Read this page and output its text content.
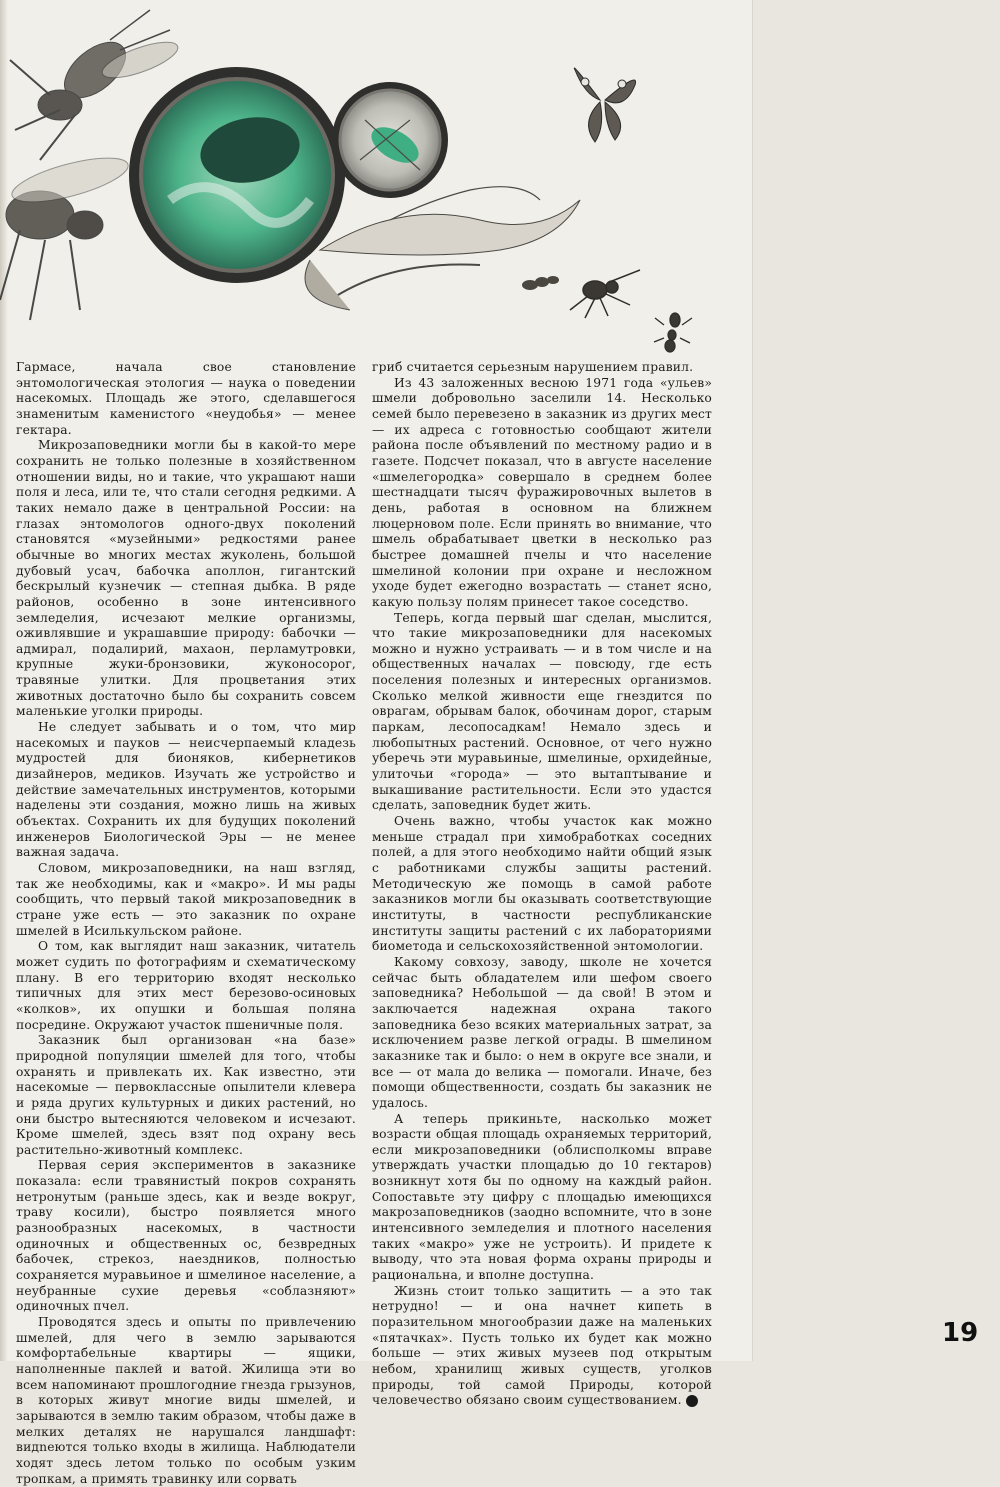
Гармасе, начала свое становление энтомологическая этология — наука о поведении насекомых. Площадь же этого, сделавшегося знаменитым каменистого «неудобья» — менее гектара.

Микрозаповедники могли бы в какой-то мере сохранить не только полезные в хозяйственном отношении виды, но и такие, что украшают наши поля и леса, или те, что стали сегодня редкими. А таких немало даже в центральной России: на глазах энтомологов одного-двух поколений становятся «музейными» редкостями ранее обычные во многих местах жуколень, большой дубовый усач, бабочка аполлон, гигантский бескрылый кузнечик — степная дыбка. В ряде районов, особенно в зоне интенсивного земледелия, исчезают мелкие организмы, оживлявшие и украшавшие природу: бабочки — адмирал, подалирий, махаон, перламутровки, крупные жуки-бронзовики, жуконосорог, травяные улитки. Для процветания этих животных достаточно было бы сохранить совсем маленькие уголки природы.

Не следует забывать и о том, что мир насекомых и пауков — неисчерпаемый кладезь мудростей для бионяков, кибернетиков дизайнеров, медиков. Изучать же устройство и действие замечательных инструментов, которыми наделены эти создания, можно лишь на живых объектах. Сохранить их для будущих поколений инженеров Биологической Эры — не менее важная задача.

Словом, микрозаповедники, на наш взгляд, так же необходимы, как и «макро». И мы рады сообщить, что первый такой микрозаповедник в стране уже есть — это заказник по охране шмелей в Исилькульском районе.

О том, как выглядит наш заказник, читатель может судить по фотографиям и схематическому плану. В его территорию входят несколько типичных для этих мест березово-осиновых «колков», их опушки и большая поляна посредине. Окружают участок пшеничные поля.

Заказник был организован «на базе» природной популяции шмелей для того, чтобы охранять и привлекать их. Как известно, эти насекомые — первоклассные опылители клевера и ряда других культурных и диких растений, но они быстро вытесняются человеком и исчезают. Кроме шмелей, здесь взят под охрану весь растительно-животный комплекс.

Первая серия экспериментов в заказнике показала: если травянистый покров сохранять нетронутым (раньше здесь, как и везде вокруг, траву косили), быстро появляется много разнообразных насекомых, в частности одиночных и общественных ос, безвредных бабочек, стрекоз, наездников, полностью сохраняется муравьиное и шмелиное население, а неубранные сухие деревья «соблазняют» одиночных пчел.

Проводятся здесь и опыты по привлечению шмелей, для чего в землю зарываются комфортабельные квартиры — ящики, наполненные паклей и ватой. Жилища эти во всем напоминают прошлогодние гнезда грызунов, в которых живут многие виды шмелей, и зарываются в землю таким образом, чтобы даже в мелких деталях не нарушался ландшафт: видneются только входы в жилища. Наблюдатели ходят здесь летом только по особым узким тропкам, а примять травинку или сорвать

гриб считается серьезным нарушением правил.

Из 43 заложенных весною 1971 года «ульев» шмели добровольно заселили 14. Несколько семей было перевезено в заказник из других мест — их адреса с готовностью сообщают жители района после объявлений по местному радио и в газете. Подсчет показал, что в августе население «шмелегородка» совершало в среднем более шестнадцати тысяч фуражировочных вылетов в день, работая в основном на ближнем люцерновом поле. Если принять во внимание, что шмель обрабатывает цветки в несколько раз быстрее домашней пчелы и что население шмелиной колонии при охране и несложном уходе будет ежегодно возрастать — станет ясно, какую пользу полям принесет такое соседство.

Теперь, когда первый шаг сделан, мыслится, что такие микрозаповедники для насекомых можно и нужно устраивать — и в том числе и на общественных началах — повсюду, где есть поселения полезных и интересных организмов. Сколько мелкой живности еще гнездится по оврагам, обрывам балок, обочинам дорог, старым паркам, лесопосадкам! Немало здесь и любопытных растений. Основное, от чего нужно уберечь эти муравьиные, шмелиные, орхидейные, улиточьи «города» — это вытаптывание и выкашивание растительности. Если это удастся сделать, заповедник будет жить.

Очень важно, чтобы участок как можно меньше страдал при химобработках соседних полей, а для этого необходимо найти общий язык с работниками службы защиты растений. Методическую же помощь в самой работе заказников могли бы оказывать соответствующие институты, в частности республиканские институты защиты растений с их лабораториями биометода и сельскохозяйственной энтомологии.

Какому совхозу, заводу, школе не хочется сейчас быть обладателем или шефом своего заповедника? Небольшой — да свой! В этом и заключается надежная охрана такого заповедника безо всяких материальных затрат, за исключением разве легкой ограды. В шмелином заказнике так и было: о нем в округе все знали, и все — от мала до велика — помогали. Иначе, без помощи общественности, создать бы заказник не удалось.

А теперь прикиньте, насколько может возрасти общая площадь охраняемых территорий, если микрозаповедники (облисполкомы вправе утверждать участки площадью до 10 гектаров) возникнут хотя бы по одному на каждый район. Сопоставьте эту цифру с площадью имеющихся макрозаповедников (заодно вспомните, что в зоне интенсивного земледелия и плотного населения таких «макро» уже не устроить). И придете к выводу, что эта новая форма охраны природы и рациональна, и вполне доступна.

Жизнь стоит только защитить — а это так нетрудно! — и она начнет кипеть в поразительном многообразии даже на маленьких «пятачках». Пусть только их будет как можно больше — этих живых музеев под открытым небом, хранилищ живых существ, уголков природы, той самой Природы, которой человечество обязано своим существованием.

19
